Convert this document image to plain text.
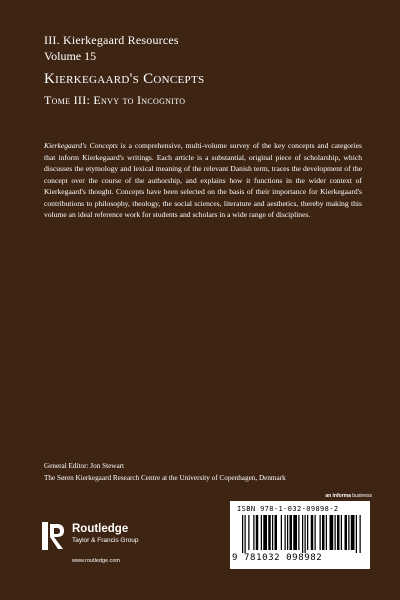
III. Kierkegaard Resources
Volume 15
Kierkegaard's Concepts
Tome III: Envy to Incognito
Kierkegaard's Concepts is a comprehensive, multi-volume survey of the key concepts and categories that inform Kierkegaard's writings. Each article is a substantial, original piece of scholarship, which discusses the etymology and lexical meaning of the relevant Danish term, traces the development of the concept over the course of the authorship, and explains how it functions in the wider context of Kierkegaard's thought. Concepts have been selected on the basis of their importance for Kierkegaard's contributions to philosophy, theology, the social sciences, literature and aesthetics, thereby making this volume an ideal reference work for students and scholars in a wide range of disciplines.
General Editor: Jon Stewart
The Søren Kierkegaard Research Centre at the University of Copenhagen, Denmark
Routledge
Taylor & Francis Group
www.routledge.com
an informa business
ISBN 978-1-032-09898-2
9 781032 098982
